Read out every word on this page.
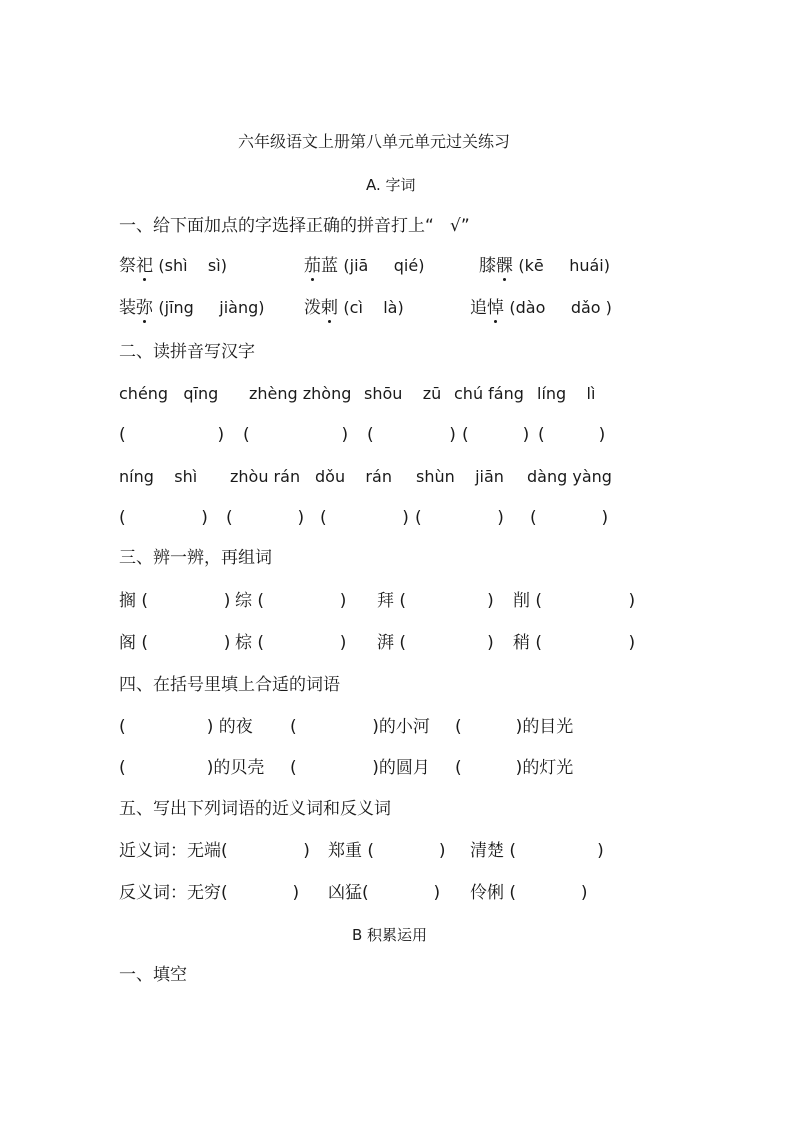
六年级语文上册第八单元单元过关练习
A. 字词
一、给下面加点的字选择正确的拼音打上“   √”
祭祀 (shì    sì)	茄蓝 (jiā     qié)	膝髁 (kē     huái)
装弥 (jīng     jiàng) 泼剌 (cì    là)	追悼 (dào     dǎo )
二、读拼音写汉字
chéng   qīng zhèng zhòng shōu    zū chú fáng líng    lì
(                 ) (                 ) (              ) (          ) (          )
níng    shì zhòu rán dǒu    rán shùn    jiān dàng yàng
(              ) (            ) (              ) (              ) (            )
三、辨一辨，再组词
搁 (              ) 综 (              ) 拜 (               ) 削 (                )
阁 (              ) 棕 (              ) 湃 (               ) 稍 (                )
四、在括号里填上合适的词语
(               ) 的夜 (              )的小河 (          )的目光
(               )的贝壳 (              )的圆月 (          )的灯光
五、写出下列词语的近义词和反义词
近义词：无端(              ) 郑重 (            ) 清楚 (               )
反义词：无穷(            ) 凶猛(            ) 伶俐 (            )
B 积累运用
一、填空
